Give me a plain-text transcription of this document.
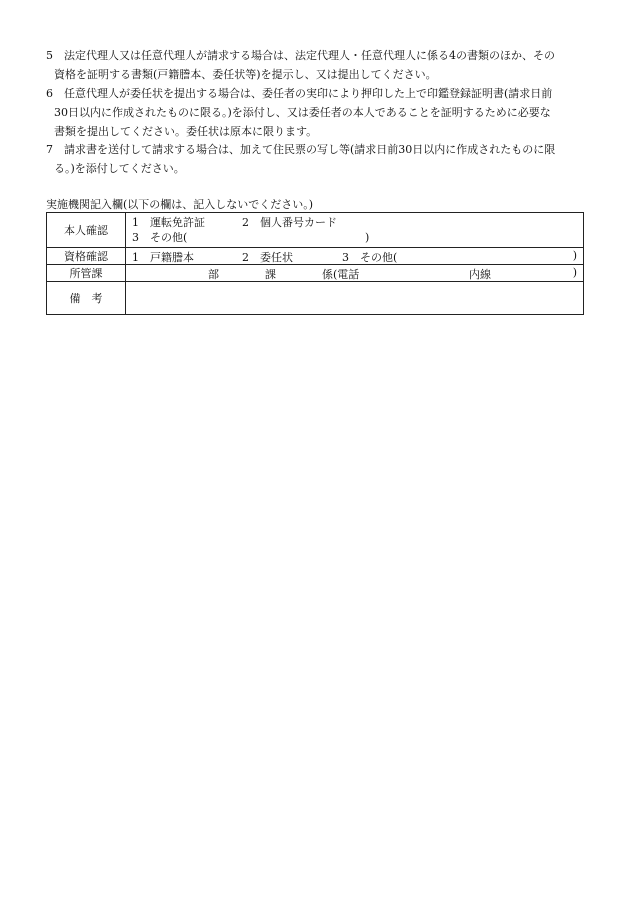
5 法定代理人又は任意代理人が請求する場合は、法定代理人・任意代理人に係る4の書類のほか、その
資格を証明する書類(戸籍謄本、委任状等)を提示し、又は提出してください。
6 任意代理人が委任状を提出する場合は、委任者の実印により押印した上で印鑑登録証明書(請求日前
30日以内に作成されたものに限る。)を添付し、又は委任者の本人であることを証明するために必要な
書類を提出してください。委任状は原本に限ります。
7 請求書を送付して請求する場合は、加えて住民票の写し等(請求日前30日以内に作成されたものに限
る。)を添付してください。
実施機関記入欄(以下の欄は、記入しないでください。)
本人確認	1　運転免許証 2　個人番号カード
3　その他( )

資格確認	1　戸籍謄本 2　委任状 3　その他( )

所管課	部 課 係(電話 内線 )

備　考	
